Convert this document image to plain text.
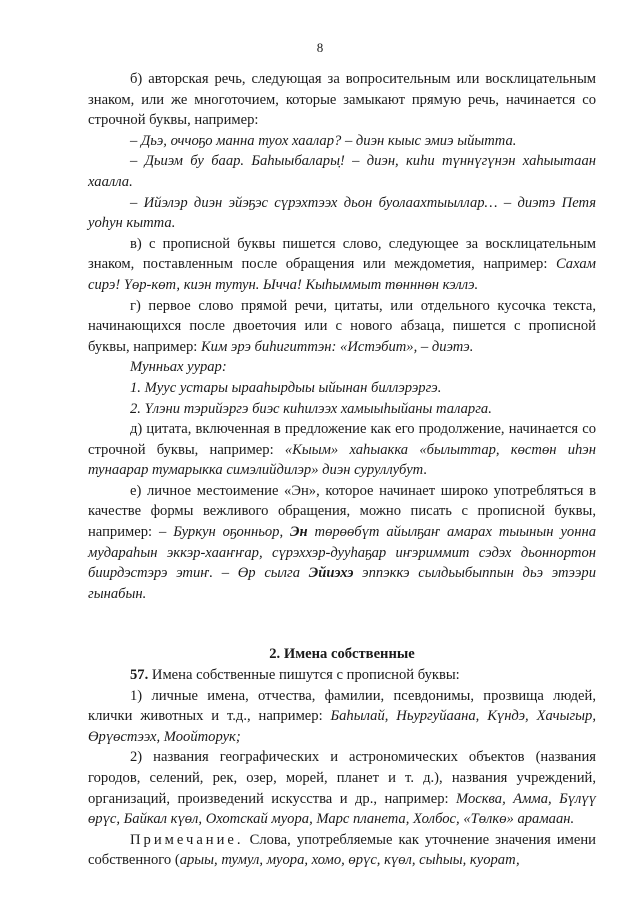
8

б) авторская речь, следующая за вопросительным или восклицательным знаком, или же многоточием, которые замыкают прямую речь, начинается со строчной буквы, например:

– Дьэ, оччоҕо манна туох хаалар? – диэн кыыс эмиэ ыйытта.

– Дьиэм бу баар. Баһыыбалары̣! – диэн, киһи түннүгүнэн хаһыытаан хаалла.

– Ийэлэр диэн эйэҕэс сүрэхтээх дьон буолаахтыыллар… – диэтэ Петя уоһун кытта.

в) с прописной буквы пишется слово, следующее за восклицательным знаком, поставленным после обращения или междометия, например: Сахам сирэ! Үөр-көт, киэн тутун. Ыччa! Кыһыммыт төнннөн кэллэ.

г) первое слово прямой речи, цитаты, или отдельного кусочка текста, начинающихся после двоеточия или с нового абзаца, пишется с прописной буквы, например: Ким эрэ биһигиттэн: «Истэбит», – диэтэ.

Мунньах уурар:

1. Муус устары ырааһырдыы ыйынан биллэрэргэ.

2. Үлэни тэрийэргэ биэс киһилээх хамыыһыйаны таларга.

д) цитата, включенная в предложение как его продолжение, начинается со строчной буквы, например: «Кыым» хаһыакка «былыттар, көстөн иһэн тунаарар тумарыкка симэлийдилэр» диэн суруллубут.

е) личное местоимение «Эн», которое начинает широко употребляться в качестве формы вежливого обращения, можно писать с прописной буквы, например: – Буркун оҕонньор, Эн төрөөбүт айылҕаҥ амарах тыынын уонна мударaһын эккэр-хааҥҥар, сүрэххэр-дууһаҕар иҥэриммит сэдэх дьоннортон биирдэстэрэ этиҥ. – Өр сылга Эйиэхэ эппэккэ сылдьыбыппын дьэ этээри гынабын.

2. Имена собственные

57. Имена собственные пишутся с прописной буквы:

1) личные имена, отчества, фамилии, псевдонимы, прозвища людей, клички животных и т.д., например: Баһылай, Ньургуйаана, Күндэ, Хачыгыр, Өрүөстээх, Моойторук;

2) названия географических и астрономических объектов (названия городов, селений, рек, озер, морей, планет и т. д.), названия учреждений, организаций, произведений искусства и др., например: Москва, Амма, Бүлүү өрүс, Байкал күөл, Охотскай муора, Марс планета, Холбос, «Төлкө» арамаан.

Примечание. Слова, употребляемые как уточнение значения имени собственного (арыы, тумул, муора, хомо, өрүс, күөл, сыһыы, куорат,
